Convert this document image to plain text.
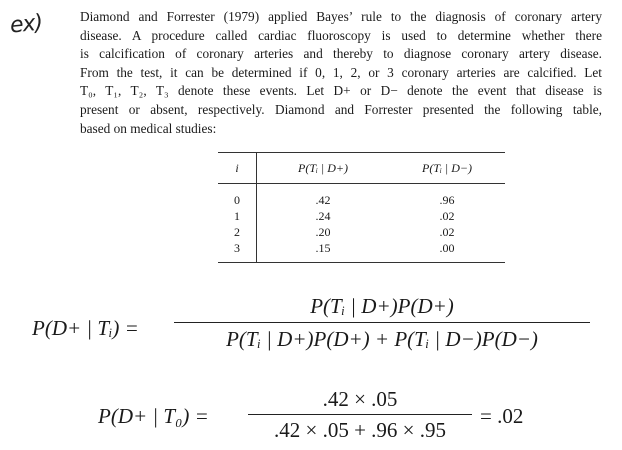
ex)	Diamond and Forrester (1979) applied Bayes’ rule to the diagnosis of coronary artery
disease. A procedure called cardiac fluoroscopy is used to determine whether there
is calcification of coronary arteries and thereby to diagnose coronary artery disease.
From the test, it can be determined if 0, 1, 2, or 3 coronary arteries are calcified. Let
T₀, T₁, T₂, T₃ denote these events. Let D+ or D− denote the event that disease is
present or absent, respectively. Diamond and Forrester presented the following table,
based on medical studies:
i	P(Tᵢ | D+)	P(Tᵢ | D−)
0	.42	.96
1	.24	.02
2	.20	.02
3	.15	.00
P(D+ | Tᵢ) =
P(Tᵢ | D+)P(D+)
P(Tᵢ | D+)P(D+) + P(Tᵢ | D−)P(D−)
P(D+ | T₀) =
.42 × .05
.42 × .05 + .96 × .95
= .02
